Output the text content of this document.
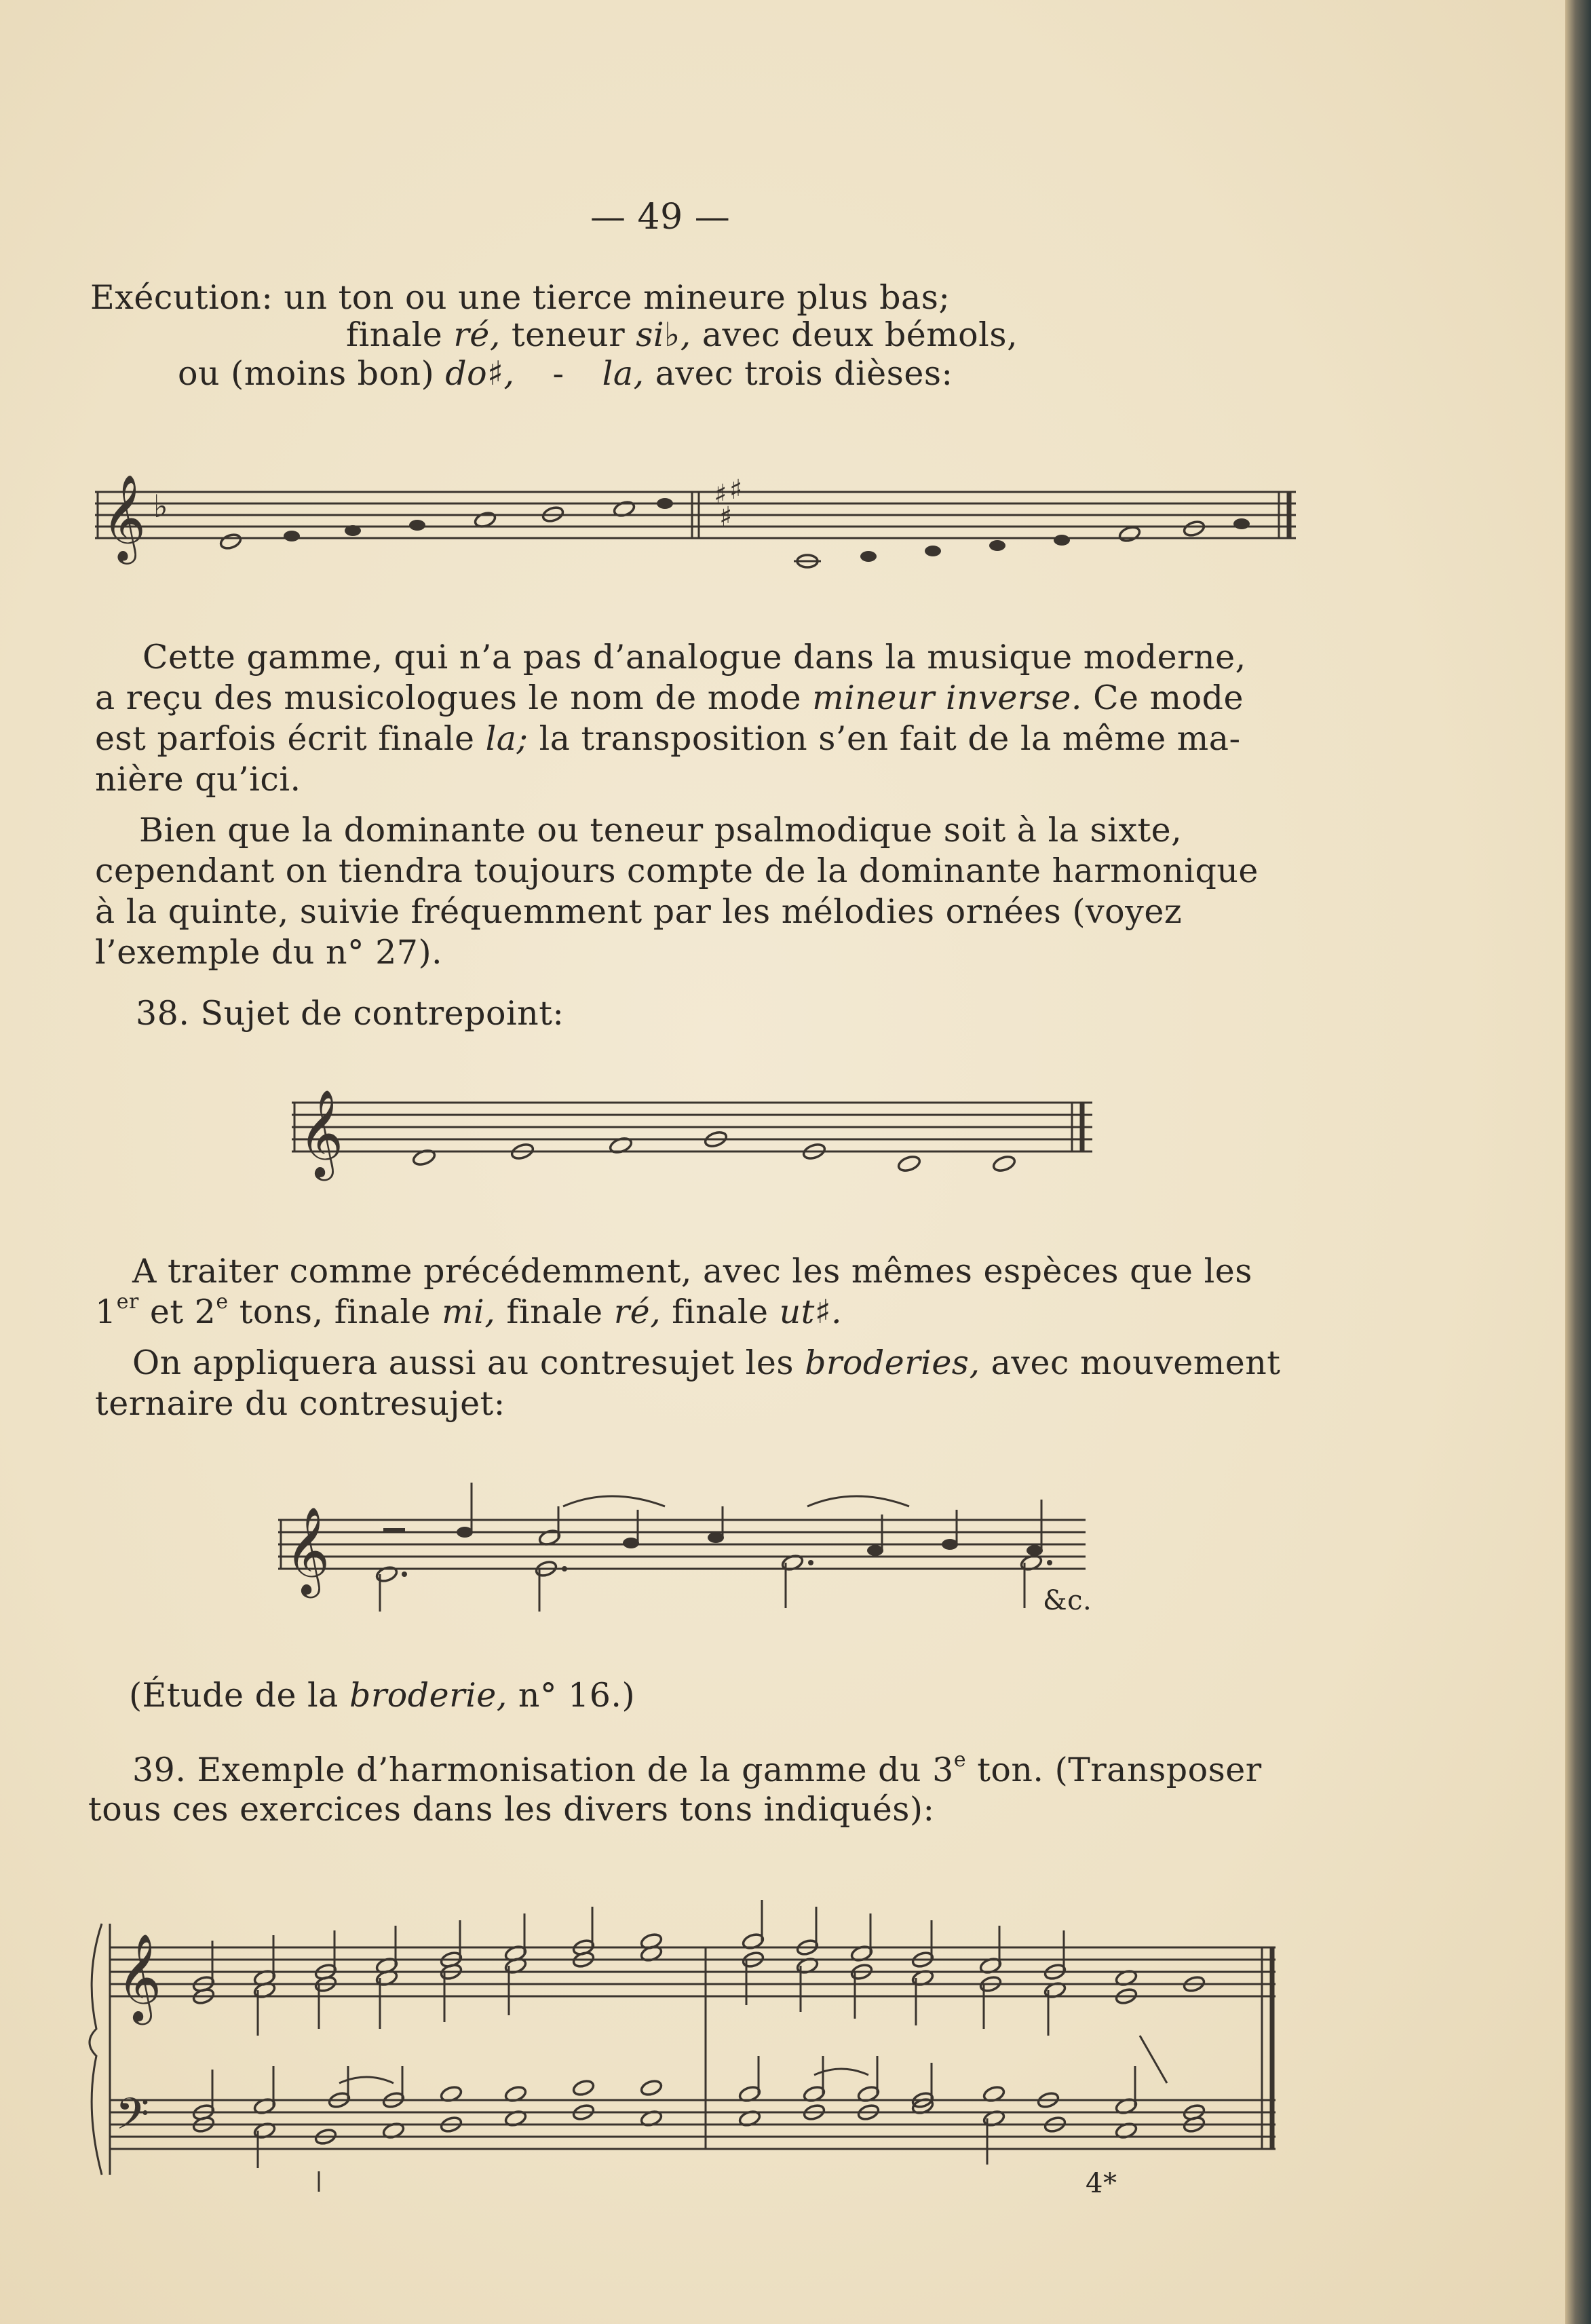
— 49 —
Exécution: un ton ou une tierce mineure plus bas;
finale ré, teneur si♭, avec deux bémols,
ou (moins bon) do♯, - la, avec trois dièses:
𝄞 ♭	♯ ♯
♯
Cette gamme, qui n’a pas d’analogue dans la musique moderne,
a reçu des musicologues le nom de mode mineur inverse. Ce mode
est parfois écrit finale la; la transposition s’en fait de la même ma-
nière qu’ici.
Bien que la dominante ou teneur psalmodique soit à la sixte,
cependant on tiendra toujours compte de la dominante harmonique
à la quinte, suivie fréquemment par les mélodies ornées (voyez
l’exemple du n° 27).
38. Sujet de contrepoint:
𝄞
A traiter comme précédemment, avec les mêmes espèces que les
1er et 2e tons, finale mi, finale ré, finale ut♯.
On appliquera aussi au contresujet les broderies, avec mouvement
ternaire du contresujet:
𝄞
&c.
(Étude de la broderie, n° 16.)
39. Exemple d’harmonisation de la gamme du 3e ton. (Transposer
tous ces exercices dans les divers tons indiqués):
𝄞
𝄢
4*
